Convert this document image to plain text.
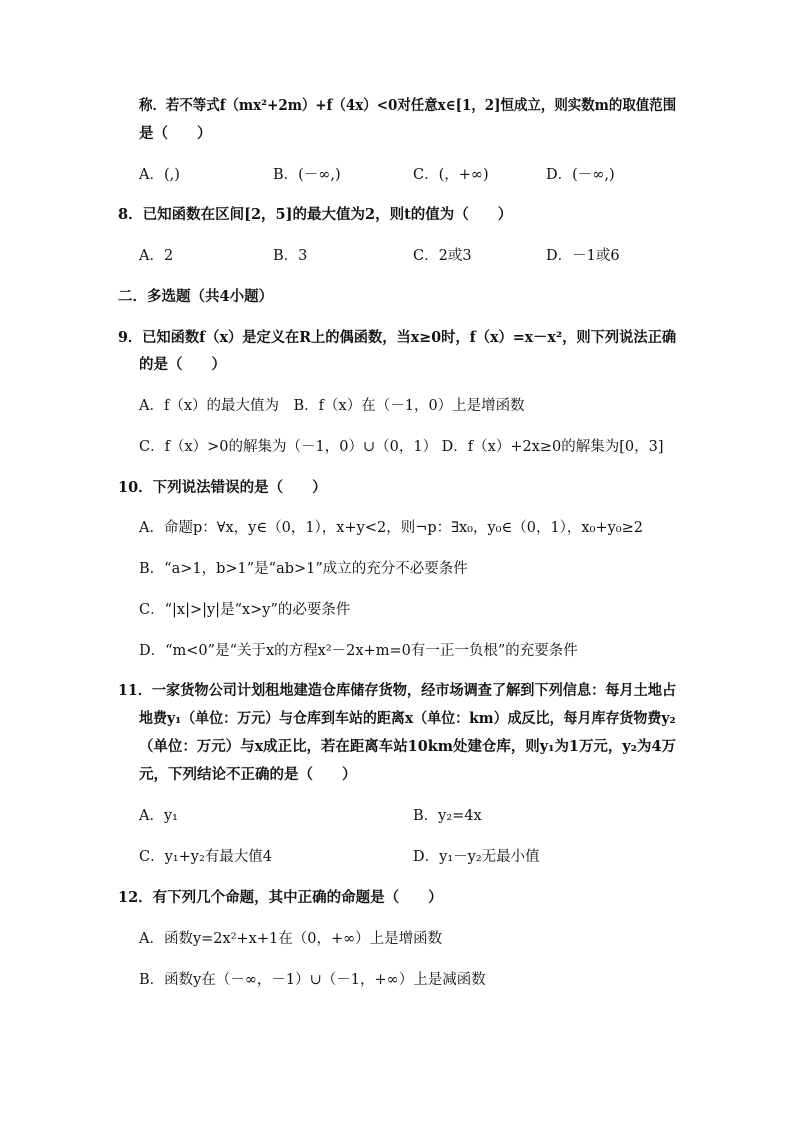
称．若不等式f（mx²+2m）+f（4x）<0对任意x∈[1，2]恒成立，则实数m的取值范围
是（　　）
A．(,)	B．(－∞,)	C．(，+∞)	D．(－∞,)
8．已知函数在区间[2，5]的最大值为2，则t的值为（　　）
A．2	B．3	C．2或3	D．－1或6
二．多选题（共4小题）
9．已知函数f（x）是定义在R上的偶函数，当x≥0时，f（x）=x－x²，则下列说法正确
的是（　　）
A．f（x）的最大值为　B．f（x）在（－1，0）上是增函数
C．f（x）>0的解集为（－1，0）∪（0，1） D．f（x）+2x≥0的解集为[0，3]
10．下列说法错误的是（　　）
A．命题p：∀x，y∈（0，1），x+y<2，则¬p：∃x₀，y₀∈（0，1），x₀+y₀≥2
B．“a>1，b>1”是“ab>1”成立的充分不必要条件
C．“|x|>|y|是“x>y”的必要条件
D．“m<0”是“关于x的方程x²－2x+m=0有一正一负根”的充要条件
11．一家货物公司计划租地建造仓库储存货物，经市场调查了解到下列信息：每月土地占
地费y₁（单位：万元）与仓库到车站的距离x（单位：km）成反比，每月库存货物费y₂
（单位：万元）与x成正比，若在距离车站10km处建仓库，则y₁为1万元，y₂为4万
元，下列结论不正确的是（　　）
A．y₁	B．y₂=4x
C．y₁+y₂有最大值4	D．y₁－y₂无最小值
12．有下列几个命题，其中正确的命题是（　　）
A．函数y=2x²+x+1在（0，+∞）上是增函数
B．函数y在（－∞，－1）∪（－1，+∞）上是减函数
